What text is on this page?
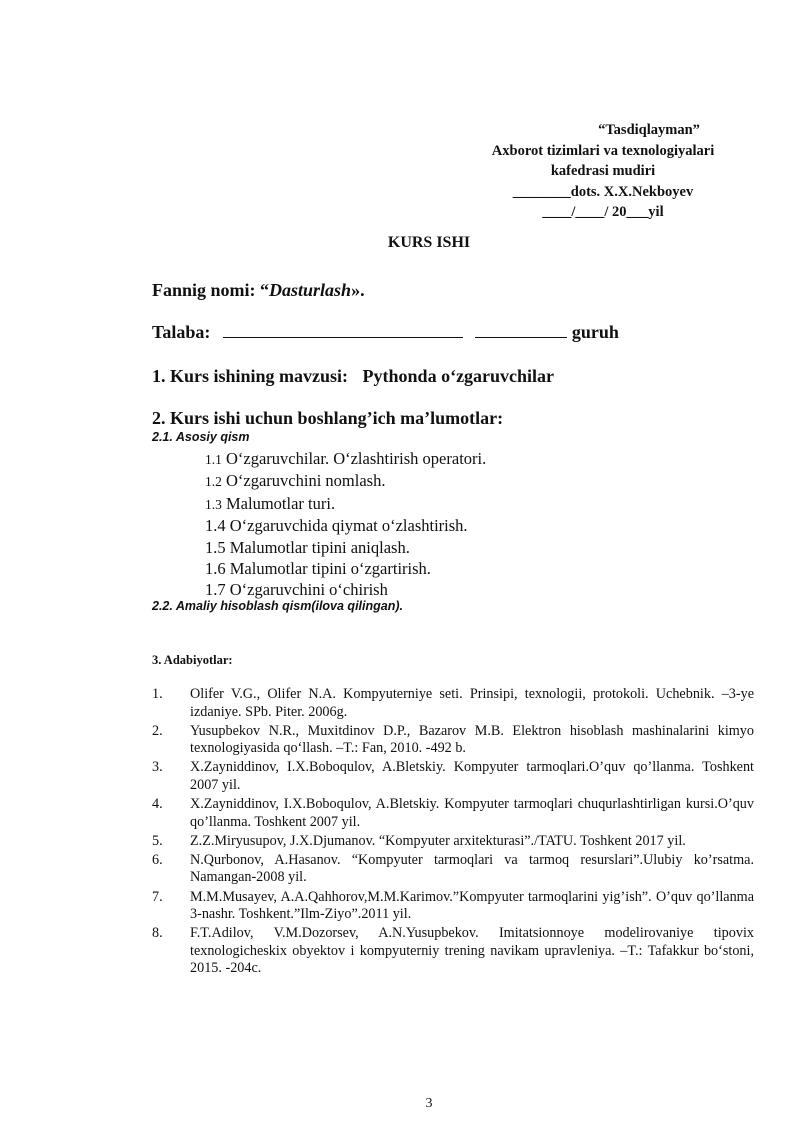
“Tasdiqlayman”
Axborot tizimlari va texnologiyalari
kafedrasi mudiri
________dots. X.X.Nekboyev
____/____/ 20___yil
KURS ISHI
Fannig nomi: “Dasturlash».
Talaba:	guruh
1. Kurs ishining mavzusi: Pythonda o‘zgaruvchilar
2. Kurs ishi uchun boshlang’ich ma’lumotlar:
2.1. Asosiy qism
1.1 O‘zgaruvchilar. O‘zlashtirish operatori.
1.2 O‘zgaruvchini nomlash.
1.3 Malumotlar turi.
1.4 O‘zgaruvchida qiymat o‘zlashtirish.
1.5 Malumotlar tipini aniqlash.
1.6 Malumotlar tipini o‘zgartirish.
1.7 O‘zgaruvchini o‘chirish
2.2. Amaliy hisoblash qism(ilova qilingan).
3. Adabiyotlar:
1.	Olifer V.G., Olifer N.A. Kompyuterniye seti. Prinsipi, texnologii, protokoli. Uchebnik. –3-ye izdaniye. SPb. Piter. 2006g.
2.	Yusupbekov N.R., Muxitdinov D.P., Bazarov M.B. Elektron hisoblash mashinalarini kimyo texnologiyasida qo‘llash. –T.: Fan, 2010. -492 b.
3.	X.Zayniddinov, I.X.Boboqulov, A.Bletskiy. Kompyuter tarmoqlari.O’quv qo’llanma. Toshkent 2007 yil.
4.	X.Zayniddinov, I.X.Boboqulov, A.Bletskiy. Kompyuter tarmoqlari chuqurlashtirligan kursi.O’quv qo’llanma. Toshkent 2007 yil.
5.	Z.Z.Miryusupov, J.X.Djumanov. “Kompyuter arxitekturasi”./TATU. Toshkent 2017 yil.
6.	N.Qurbonov, A.Hasanov. “Kompyuter tarmoqlari va tarmoq resurslari”.Ulubiy ko’rsatma. Namangan-2008 yil.
7.	M.M.Musayev, A.A.Qahhorov,M.M.Karimov.”Kompyuter tarmoqlarini yig’ish”. O’quv qo’llanma 3-nashr. Toshkent.”Ilm-Ziyo”.2011 yil.
8.	F.T.Adilov, V.M.Dozorsev, A.N.Yusupbekov. Imitatsionnoye modelirovaniye tipovix texnologicheskix obyektov i kompyuterniy trening navikam upravleniya. –T.: Tafakkur bo‘stoni, 2015. -204c.
3
